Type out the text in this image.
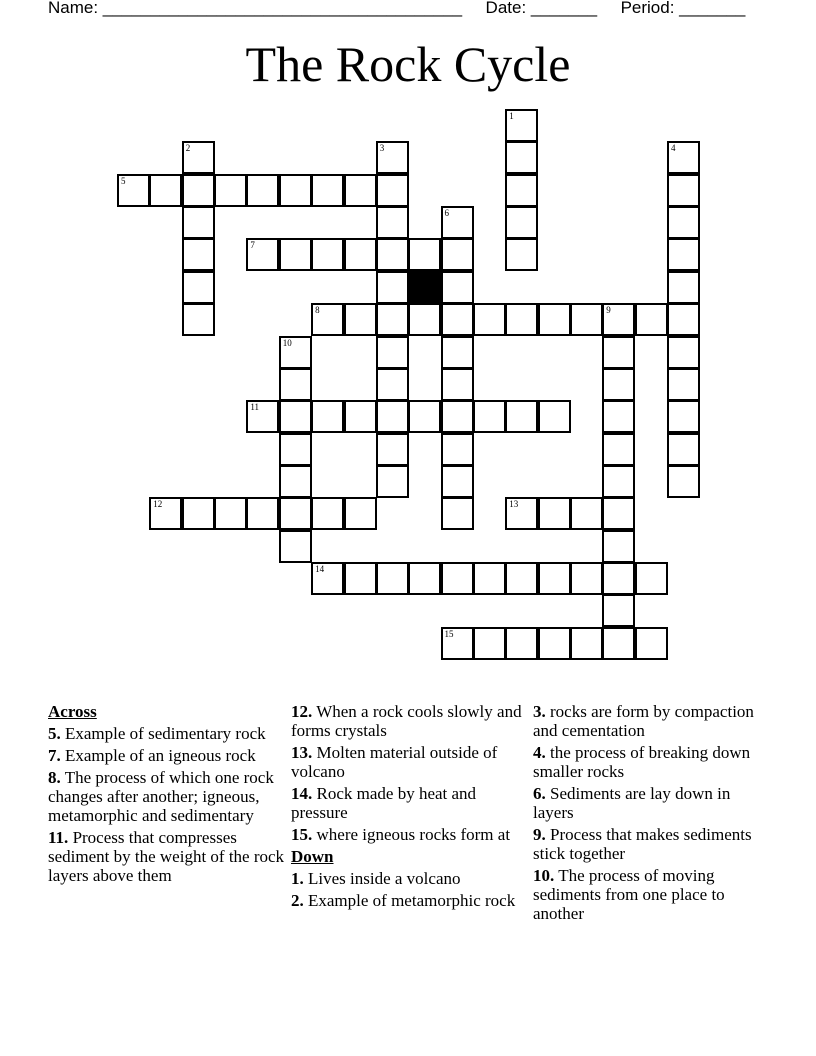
Name: ______________________________________ Date: _______ Period: _______
The Rock Cycle
1
2	3	4
5
6
7
8	9
10
11
12	13
14
15
Across
5. Example of sedimentary rock
7. Example of an igneous rock
8. The process of which one rock changes after another; igneous, metamorphic and sedimentary
11. Process that compresses sediment by the weight of the rock layers above them
12. When a rock cools slowly and forms crystals
13. Molten material outside of volcano
14. Rock made by heat and pressure
15. where igneous rocks form at
Down
1. Lives inside a volcano
2. Example of metamorphic rock
3. rocks are form by compaction and cementation
4. the process of breaking down smaller rocks
6. Sediments are lay down in layers
9. Process that makes sediments stick together
10. The process of moving sediments from one place to another
